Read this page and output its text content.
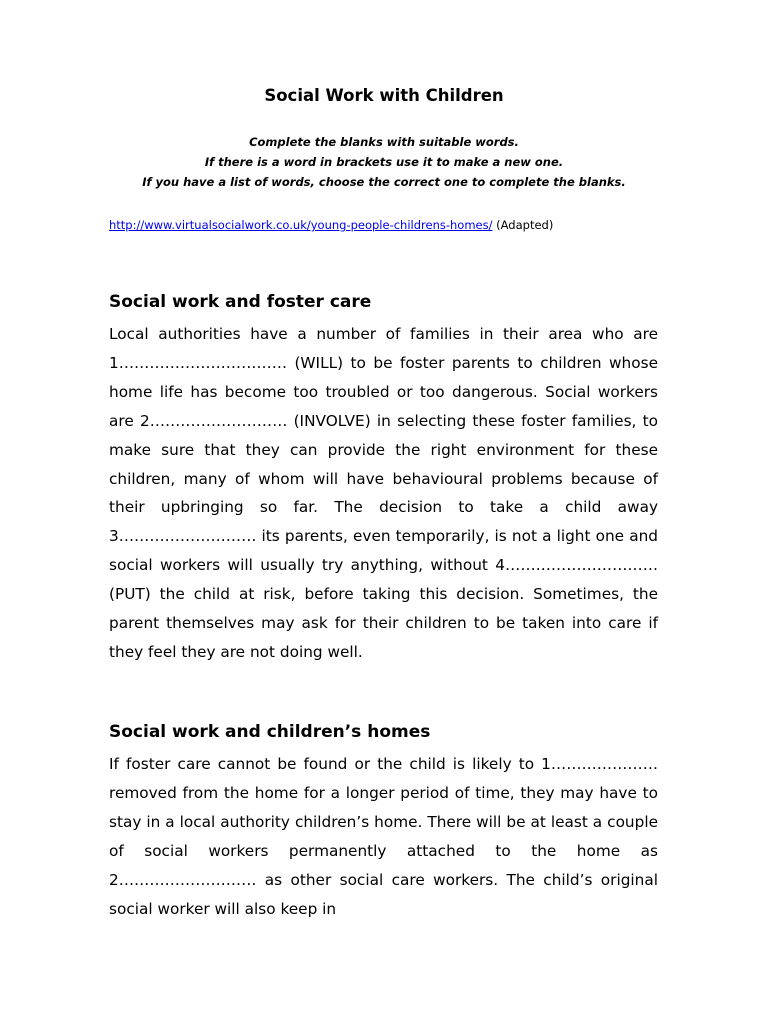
Social Work with Children
Complete the blanks with suitable words.
If there is a word in brackets use it to make a new one.
If you have a list of words, choose the correct one to complete the blanks.
http://www.virtualsocialwork.co.uk/young-people-childrens-homes/ (Adapted)
Social work and foster care

Local authorities have a number of families in their area who are 1…………………………… (WILL) to be foster parents to children whose home life has become too troubled or too dangerous. Social workers are 2……………………… (INVOLVE) in selecting these foster families, to make sure that they can provide the right environment for these children, many of whom will have behavioural problems because of their upbringing so far. The decision to take a child away 3……………………… its parents, even temporarily, is not a light one and social workers will usually try anything, without 4………………………… (PUT) the child at risk, before taking this decision. Sometimes, the parent themselves may ask for their children to be taken into care if they feel they are not doing well.

Social work and children’s homes

If foster care cannot be found or the child is likely to 1………………… removed from the home for a longer period of time, they may have to stay in a local authority children’s home. There will be at least a couple of social workers permanently attached to the home as 2……………………… as other social care workers. The child’s original social worker will also keep in
